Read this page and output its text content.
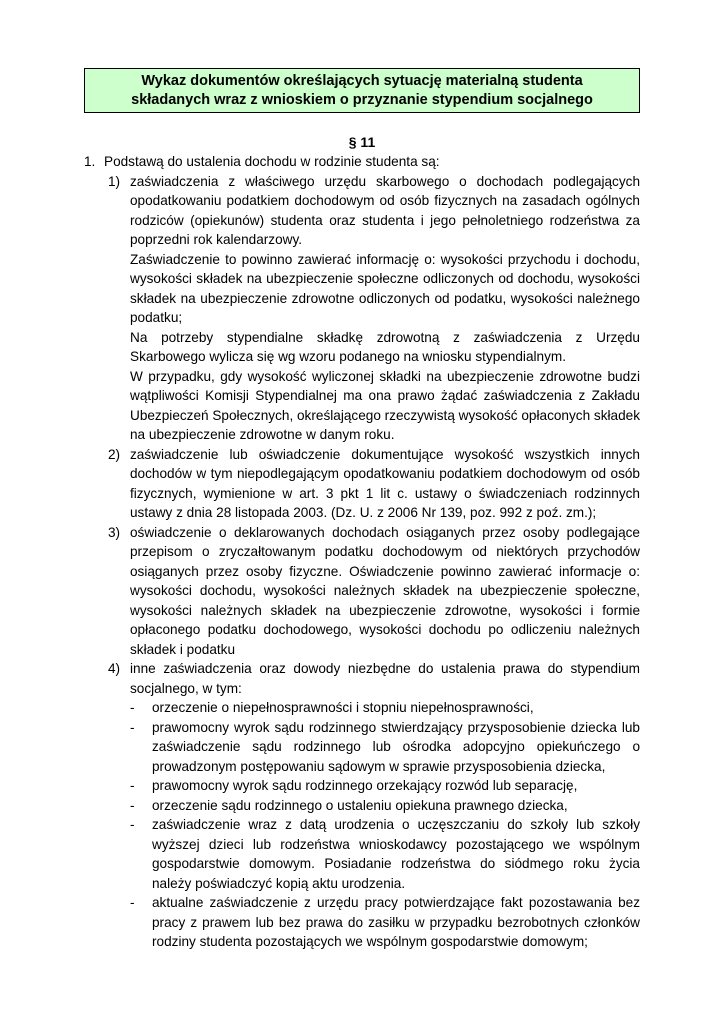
Wykaz dokumentów określających sytuację materialną studenta
składanych wraz z wnioskiem o przyznanie stypendium socjalnego
§ 11
1. Podstawą do ustalenia dochodu w rodzinie studenta są:
1) zaświadczenia z właściwego urzędu skarbowego o dochodach podlegających opodatkowaniu podatkiem dochodowym od osób fizycznych na zasadach ogólnych rodziców (opiekunów) studenta oraz studenta i jego pełnoletniego rodzeństwa za poprzedni rok kalendarzowy.
Zaświadczenie to powinno zawierać informację o: wysokości przychodu i dochodu, wysokości składek na ubezpieczenie społeczne odliczonych od dochodu, wysokości składek na ubezpieczenie zdrowotne odliczonych od podatku, wysokości należnego podatku;
Na potrzeby stypendialne składkę zdrowotną z zaświadczenia z Urzędu Skarbowego wylicza się wg wzoru podanego na wniosku stypendialnym.
W przypadku, gdy wysokość wyliczonej składki na ubezpieczenie zdrowotne budzi wątpliwości Komisji Stypendialnej ma ona prawo żądać zaświadczenia z Zakładu Ubezpieczeń Społecznych, określającego rzeczywistą wysokość opłaconych składek na ubezpieczenie zdrowotne w danym roku.
2) zaświadczenie lub oświadczenie dokumentujące wysokość wszystkich innych dochodów w tym niepodlegającym opodatkowaniu podatkiem dochodowym od osób fizycznych, wymienione w art. 3 pkt 1 lit c. ustawy o świadczeniach rodzinnych ustawy z dnia 28 listopada 2003. (Dz. U. z 2006 Nr 139, poz. 992 z poź. zm.);
3) oświadczenie o deklarowanych dochodach osiąganych przez osoby podlegające przepisom o zryczałtowanym podatku dochodowym od niektórych przychodów osiąganych przez osoby fizyczne. Oświadczenie powinno zawierać informacje o: wysokości dochodu, wysokości należnych składek na ubezpieczenie społeczne, wysokości należnych składek na ubezpieczenie zdrowotne, wysokości i formie opłaconego podatku dochodowego, wysokości dochodu po odliczeniu należnych składek i podatku
4) inne zaświadczenia oraz dowody niezbędne do ustalenia prawa do stypendium socjalnego, w tym:
-	orzeczenie o niepełnosprawności i stopniu niepełnosprawności,
-	prawomocny wyrok sądu rodzinnego stwierdzający przysposobienie dziecka lub zaświadczenie sądu rodzinnego lub ośrodka adopcyjno opiekuńczego o prowadzonym postępowaniu sądowym w sprawie przysposobienia dziecka,
-	prawomocny wyrok sądu rodzinnego orzekający rozwód lub separację,
-	orzeczenie sądu rodzinnego o ustaleniu opiekuna prawnego dziecka,
-	zaświadczenie wraz z datą urodzenia o uczęszczaniu do szkoły lub szkoły wyższej dzieci lub rodzeństwa wnioskodawcy pozostającego we wspólnym gospodarstwie domowym. Posiadanie rodzeństwa do siódmego roku życia należy poświadczyć kopią aktu urodzenia.
-	aktualne zaświadczenie z urzędu pracy potwierdzające fakt pozostawania bez pracy z prawem lub bez prawa do zasiłku w przypadku bezrobotnych członków rodziny studenta pozostających we wspólnym gospodarstwie domowym;
